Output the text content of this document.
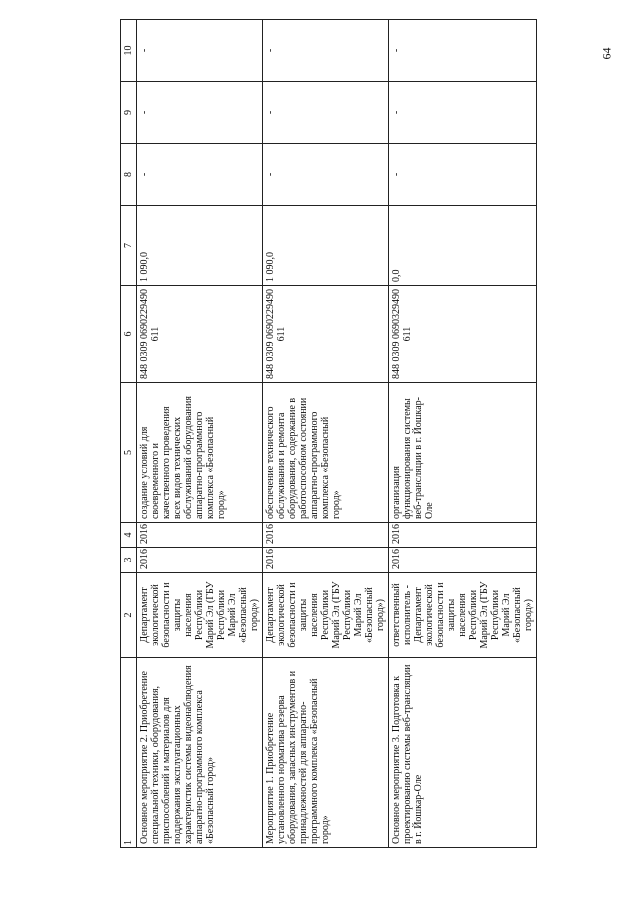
64
1	2	3	4	5	6	7	8	9	10
Основное мероприятие 2. Приобретение специальной техники, оборудования, приспособлений и материалов для поддержания эксплуатационных характеристик системы видеонаблюдения аппаратно-программного комплекса «Безопасный город»	Департамент экологической безопасности и защиты населения Республики Марий Эл (ГБУ Республики Марий Эл «Безопасный город»)	2016	2016	создание условий для своевременного и качественного проведения всех видов технических обслуживаний оборудования аппаратно-программного комплекса «Безопасный город»	848 0309 0690229490 611	1 090,0	-	-	-
Мероприятие 1. Приобретение установленного норматива резерва оборудования, запасных инструментов и принадлежностей для аппаратно-программного комплекса «Безопасный город»	Департамент экологической безопасности и защиты населения Республики Марий Эл (ГБУ Республики Марий Эл «Безопасный город»)	2016	2016	обеспечение технического обслуживания и ремонта оборудования, содержание в работоспособном состоянии аппаратно-программного комплекса «Безопасный город»	848 0309 0690229490 611	1 090,0	-	-	-
Основное мероприятие 3. Подготовка к проектированию системы веб-трансляции в г. Йошкар-Оле	ответственный исполнитель - Департамент экологической безопасности и защиты населения Республики Марий Эл (ГБУ Республики Марий Эл «Безопасный город»)	2016	2016	организация функционирования системы веб-трансляции в г. Йошкар-Оле	848 0309 0690329490 611	0,0	-	-	-
